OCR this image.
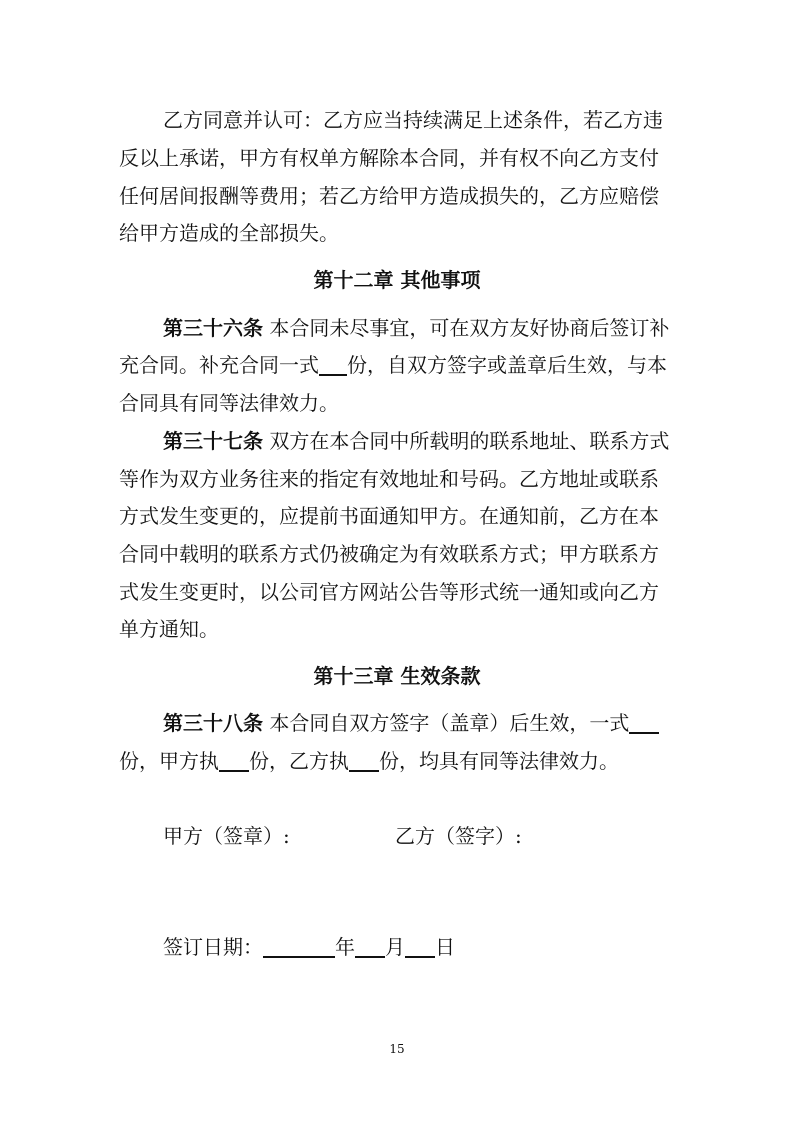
乙方同意并认可：乙方应当持续满足上述条件，若乙方违
反以上承诺，甲方有权单方解除本合同，并有权不向乙方支付
任何居间报酬等费用；若乙方给甲方造成损失的，乙方应赔偿
给甲方造成的全部损失。
第十二章 其他事项
第三十六条 本合同未尽事宜，可在双方友好协商后签订补
充合同。补充合同一式 份，自双方签字或盖章后生效，与本
合同具有同等法律效力。
第三十七条 双方在本合同中所载明的联系地址、联系方式
等作为双方业务往来的指定有效地址和号码。乙方地址或联系
方式发生变更的，应提前书面通知甲方。在通知前，乙方在本
合同中载明的联系方式仍被确定为有效联系方式；甲方联系方
式发生变更时，以公司官方网站公告等形式统一通知或向乙方
单方通知。
第十三章 生效条款
第三十八条 本合同自双方签字（盖章）后生效，一式
份，甲方执 份，乙方执 份，均具有同等法律效力。
甲方（签章）:	乙方（签字）:
签订日期：	年 月 日
15
